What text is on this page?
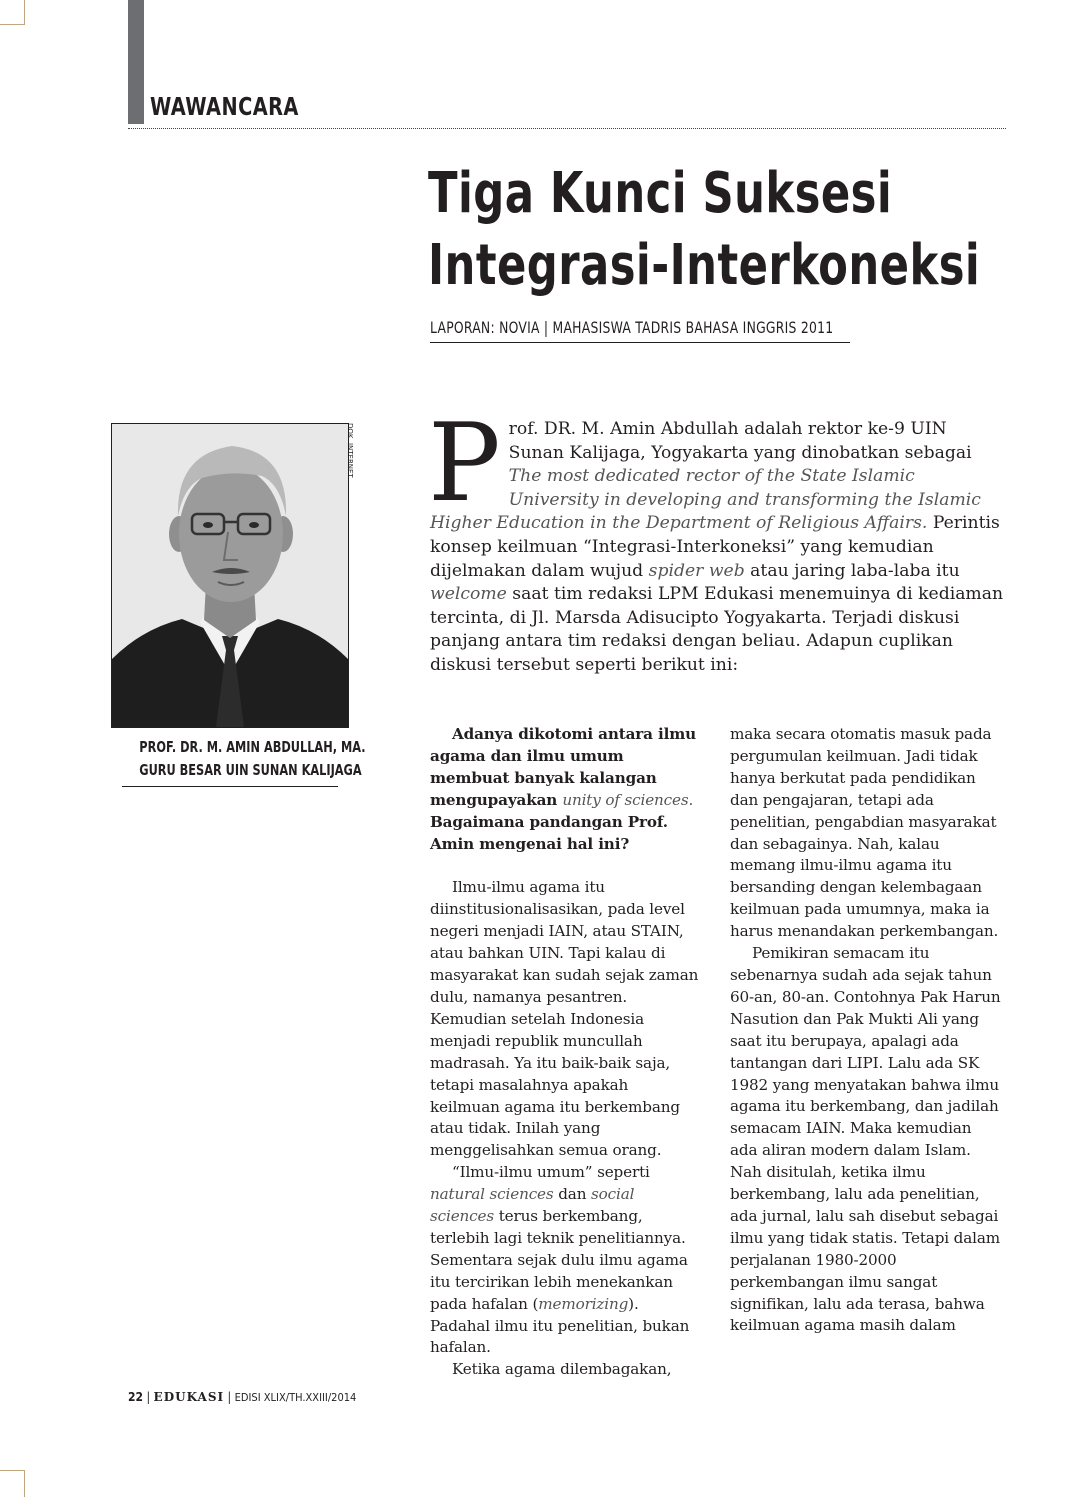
WAWANCARA
Tiga Kunci Suksesi
Integrasi-Interkoneksi
LAPORAN: NOVIA | MAHASISWA TADRIS BAHASA INGGRIS 2011
DOK. INTERNET
PROF. DR. M. AMIN ABDULLAH, MA.
GURU BESAR UIN SUNAN KALIJAGA
P rof. DR. M. Amin Abdullah adalah rektor ke-9 UIN Sunan Kalijaga, Yogyakarta yang dinobatkan sebagai The most dedicated rector of the State Islamic University in developing and transforming the Islamic Higher Education in the Department of Religious Affairs. Perintis konsep keilmuan “Integrasi-Interkoneksi” yang kemudian dijelmakan dalam wujud spider web atau jaring laba-laba itu welcome saat tim redaksi LPM Edukasi menemuinya di kediaman tercinta, di Jl. Marsda Adisucipto Yogyakarta. Terjadi diskusi panjang antara tim redaksi dengan beliau. Adapun cuplikan diskusi tersebut seperti berikut ini:

Adanya dikotomi antara ilmu agama dan ilmu umum membuat banyak kalangan mengupayakan unity of sciences. Bagaimana pandangan Prof. Amin mengenai hal ini?

Ilmu-ilmu agama itu diinstitusionalisasikan, pada level negeri menjadi IAIN, atau STAIN, atau bahkan UIN. Tapi kalau di masyarakat kan sudah sejak zaman dulu, namanya pesantren. Kemudian setelah Indonesia menjadi republik muncullah madrasah. Ya itu baik-baik saja, tetapi masalahnya apakah keilmuan agama itu berkembang atau tidak. Inilah yang menggelisahkan semua orang.

“Ilmu-ilmu umum” seperti natural sciences dan social sciences terus berkembang, terlebih lagi teknik penelitiannya. Sementara sejak dulu ilmu agama itu tercirikan lebih menekankan pada hafalan (memorizing). Padahal ilmu itu penelitian, bukan hafalan.

Ketika agama dilembagakan,

maka secara otomatis masuk pada pergumulan keilmuan. Jadi tidak hanya berkutat pada pendidikan dan pengajaran, tetapi ada penelitian, pengabdian masyarakat dan sebagainya. Nah, kalau memang ilmu-ilmu agama itu bersanding dengan kelembagaan keilmuan pada umumnya, maka ia harus menandakan perkembangan.

Pemikiran semacam itu sebenarnya sudah ada sejak tahun 60-an, 80-an. Contohnya Pak Harun Nasution dan Pak Mukti Ali yang saat itu berupaya, apalagi ada tantangan dari LIPI. Lalu ada SK 1982 yang menyatakan bahwa ilmu agama itu berkembang, dan jadilah semacam IAIN. Maka kemudian ada aliran modern dalam Islam. Nah disitulah, ketika ilmu berkembang, lalu ada penelitian, ada jurnal, lalu sah disebut sebagai ilmu yang tidak statis. Tetapi dalam perjalanan 1980-2000 perkembangan ilmu sangat signifikan, lalu ada terasa, bahwa keilmuan agama masih dalam

22 | EDUKASI | EDISI XLIX/TH.XXIII/2014
